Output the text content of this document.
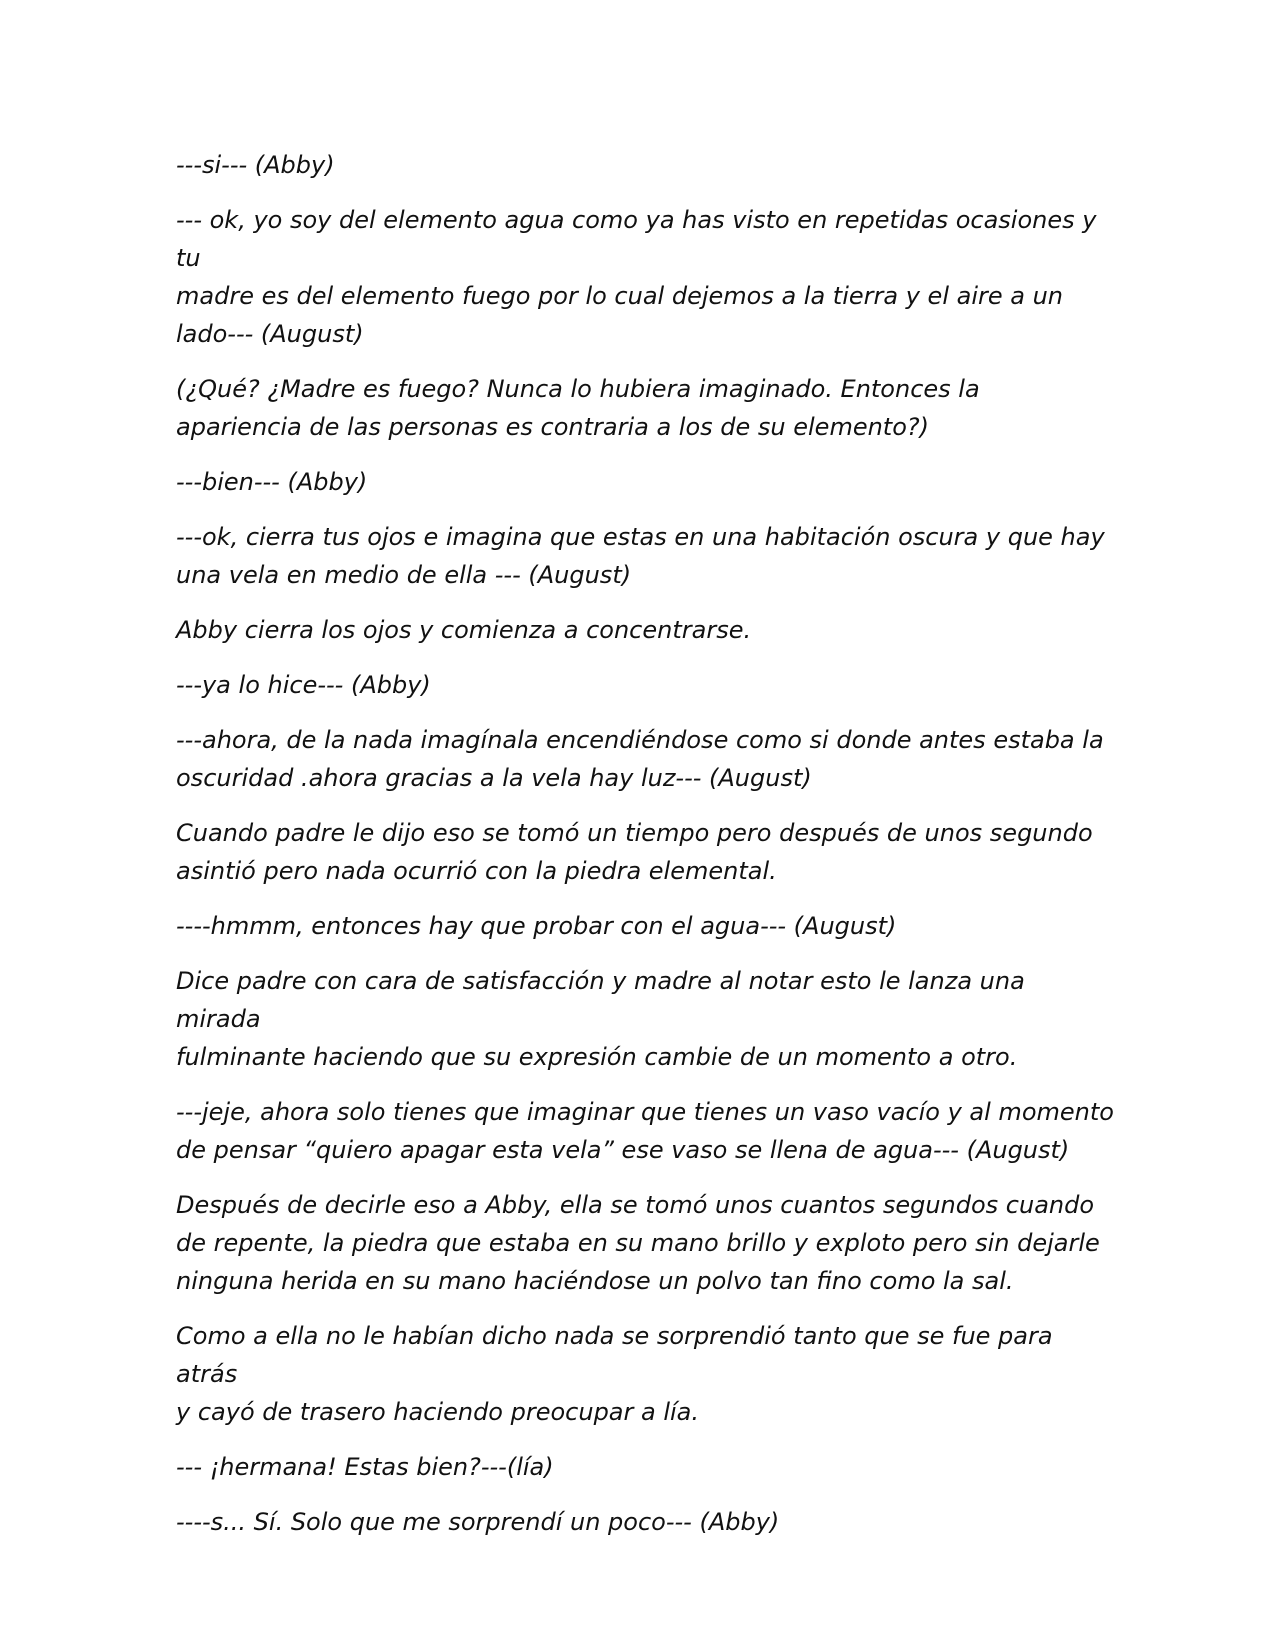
---si--- (Abby)

--- ok, yo soy del elemento agua como ya has visto en repetidas ocasiones y tu
madre es del elemento fuego por lo cual dejemos a la tierra y el aire a un
lado--- (August)

(¿Qué? ¿Madre es fuego? Nunca lo hubiera imaginado. Entonces la
apariencia de las personas es contraria a los de su elemento?)

---bien--- (Abby)

---ok, cierra tus ojos e imagina que estas en una habitación oscura y que hay
una vela en medio de ella --- (August)

Abby cierra los ojos y comienza a concentrarse.

---ya lo hice--- (Abby)

---ahora, de la nada imagínala encendiéndose como si donde antes estaba la
oscuridad .ahora gracias a la vela hay luz--- (August)

Cuando padre le dijo eso se tomó un tiempo pero después de unos segundo
asintió pero nada ocurrió con la piedra elemental.

----hmmm, entonces hay que probar con el agua--- (August)

Dice padre con cara de satisfacción y madre al notar esto le lanza una mirada
fulminante haciendo que su expresión cambie de un momento a otro.

---jeje, ahora solo tienes que imaginar que tienes un vaso vacío y al momento
de pensar “quiero apagar esta vela” ese vaso se llena de agua--- (August)

Después de decirle eso a Abby, ella se tomó unos cuantos segundos cuando
de repente, la piedra que estaba en su mano brillo y exploto pero sin dejarle
ninguna herida en su mano haciéndose un polvo tan fino como la sal.

Como a ella no le habían dicho nada se sorprendió tanto que se fue para atrás
y cayó de trasero haciendo preocupar a lía.

--- ¡hermana! Estas bien?---(lía)

----s... Sí. Solo que me sorprendí un poco--- (Abby)
